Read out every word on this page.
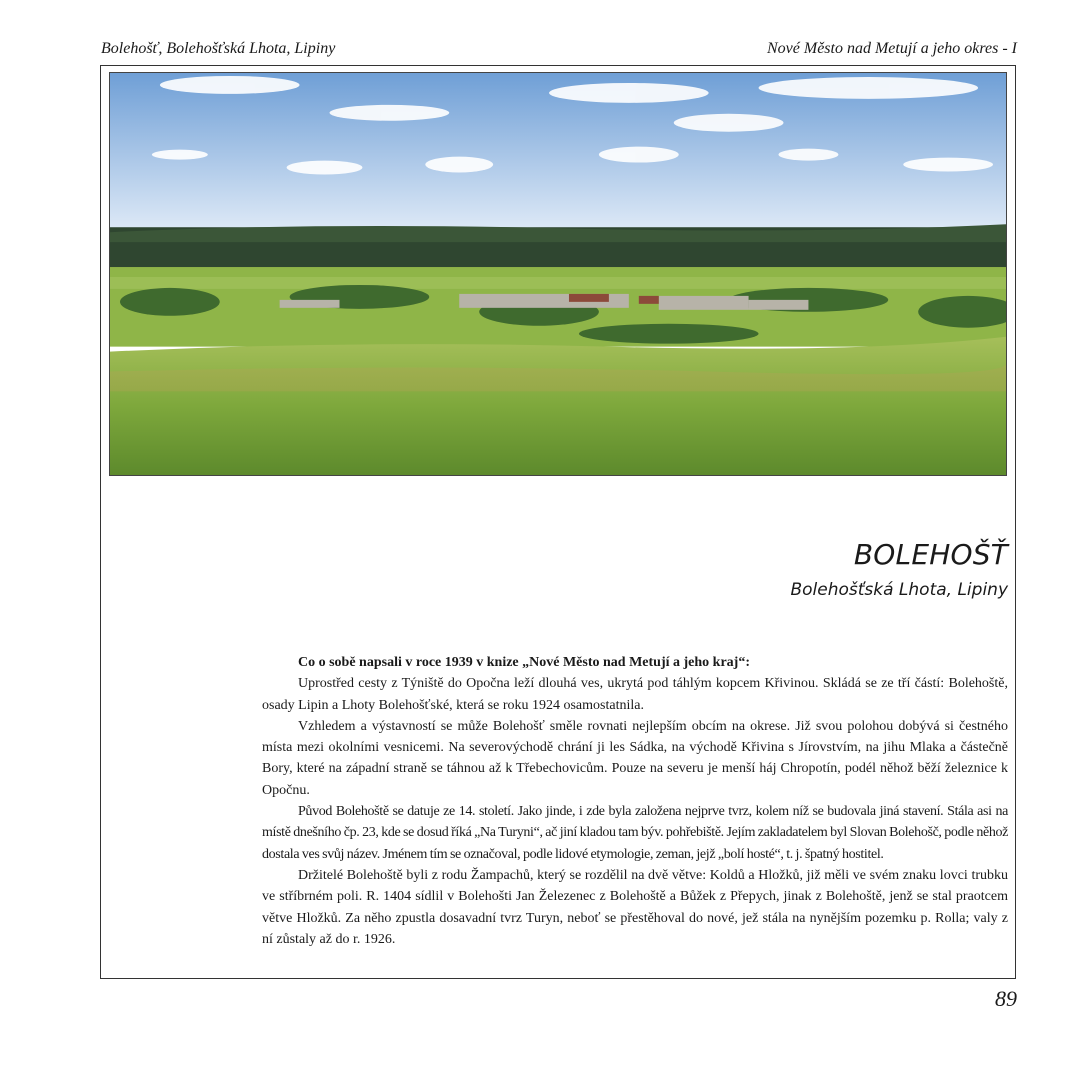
Bolehošť, Bolehošťská Lhota, Lipiny	Nové Město nad Metují a jeho okres - I
BOLEHOŠŤ
Bolehošťská Lhota, Lipiny

Co o sobě napsali v roce 1939 v knize „Nové Město nad Metují a jeho kraj“:

Uprostřed cesty z Týniště do Opočna leží dlouhá ves, ukrytá pod táhlým kopcem Křivinou. Skládá se ze tří částí: Bolehoště, osady Lipin a Lhoty Bolehošťské, která se roku 1924 osamostatnila.

Vzhledem a výstavností se může Bolehošť směle rovnati nejlepším obcím na okrese. Již svou polohou dobývá si čestného místa mezi okolními vesnicemi. Na severovýchodě chrání ji les Sádka, na východě Křivina s Jírovstvím, na jihu Mlaka a částečně Bory, které na západní straně se táhnou až k Třebechovicům. Pouze na severu je menší háj Chropotín, podél něhož běží železnice k Opočnu.

Původ Bolehoště se datuje ze 14. století. Jako jinde, i zde byla založena nejprve tvrz, kolem níž se budovala jiná stavení. Stála asi na místě dnešního čp. 23, kde se dosud říká „Na Turyni“, ač jiní kladou tam býv. pohřebiště. Jejím zakladatelem byl Slovan Bolehošč, podle něhož dostala ves svůj název. Jménem tím se označoval, podle lidové etymologie, zeman, jejž „bolí hosté“, t. j. špatný hostitel.

Držitelé Bolehoště byli z rodu Žampachů, který se rozdělil na dvě větve: Koldů a Hložků, již měli ve svém znaku lovci trubku ve stříbrném poli. R. 1404 sídlil v Bolehošti Jan Železenec z Bolehoště a Bůžek z Přepych, jinak z Bolehoště, jenž se stal praotcem větve Hložků. Za něho zpustla dosavadní tvrz Turyn, neboť se přestěhoval do nové, jež stála na nynějším pozemku p. Rolla; valy z ní zůstaly až do r. 1926.

89
